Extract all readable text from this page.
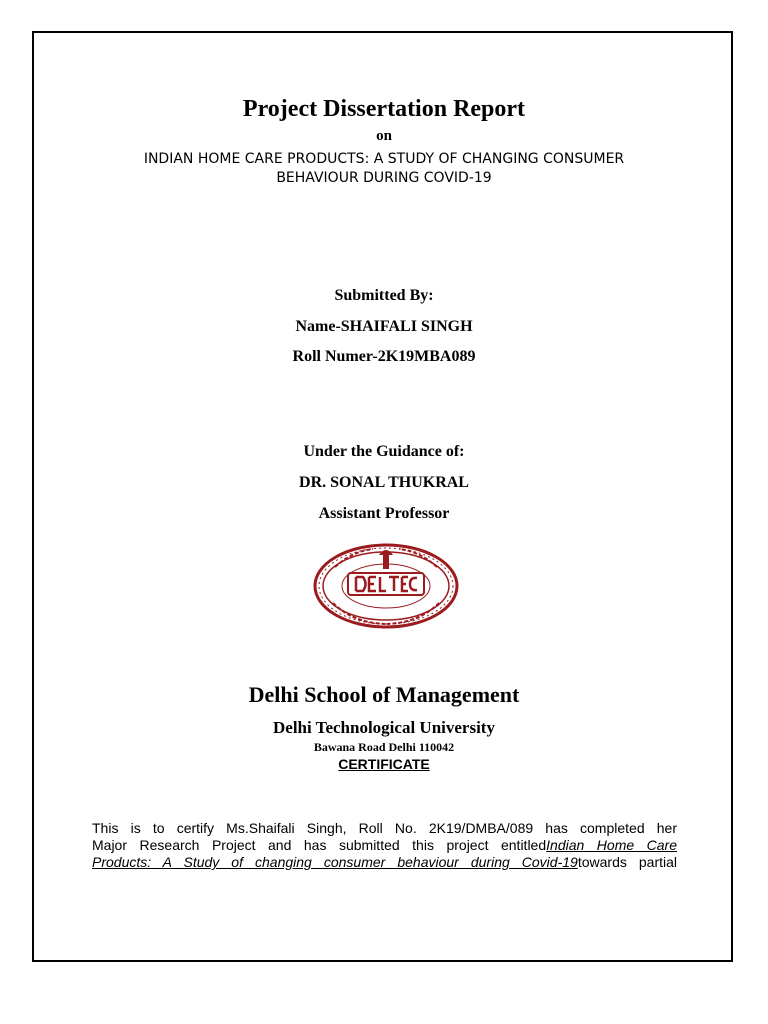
Project Dissertation Report
on
INDIAN HOME CARE PRODUCTS: A STUDY OF CHANGING CONSUMER
BEHAVIOUR DURING COVID-19
Submitted By:
Name-SHAIFALI SINGH
Roll Numer-2K19MBA089
Under the Guidance of:
DR. SONAL THUKRAL
Assistant Professor
Delhi School of Management
Delhi Technological University
Bawana Road Delhi 110042
CERTIFICATE
This is to certify Ms.Shaifali Singh, Roll No. 2K19/DMBA/089 has completed her
Major Research Project and has submitted this project entitledIndian Home Care
Products: A Study of changing consumer behaviour during Covid-19towards partial
